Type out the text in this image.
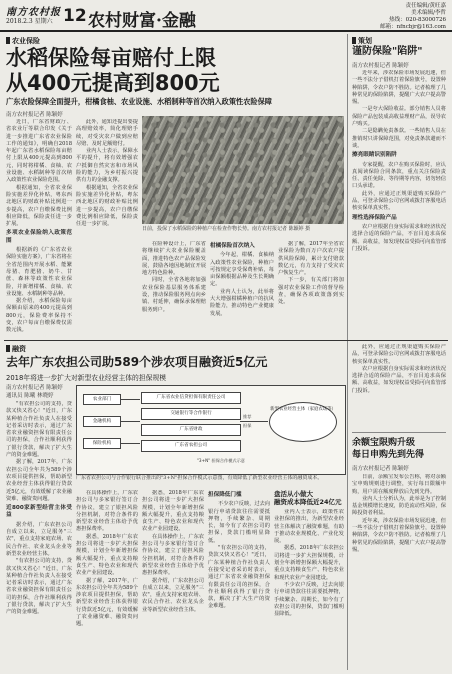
南方农村报
2018.2.3 星期六 12 农村财富·金融
责任编辑/黄旺嘉
美术编辑/李哲
热线：020-83000726
邮箱：nfncbjr@163.com
农业保险
水稻保险每亩赔付上限
从400元提高到800元
广东农险保障全面提升，柑橘食柚、农业设施、水稻制种等首次纳入政策性农险保障
南方农村报记者 陈颖婷

近日，广东省财政厅、省农业厅等联合印发《关于进一步推进广东省农业保险工作的通知》，明确自2018年起广东省水稻保险每亩赔付上限从400元提高到800元，同时将柑橘、食柚、农业设施、水稻制种等首次纳入政策性农业保险范围。

根据通知，全省农业保险实施差异化补贴，粤东西北地区的财政补贴比例进一步提高，农户自缴保费比例相应降低，保险责任进一步扩展。

多项农业保险纳入政策范围

根据新的《广东省农业保险实施方案》，广东省将在全省范围内开展水稻、能繁母猪、育肥猪、奶牛、甘蔗、森林等政策性农业保险，并新增柑橘、食柚、农业设施、水稻制种等品种。

据介绍，水稻保险每亩保额由原来的400元提高到800元，保险费率保持不变，农户每亩自缴保费仅需数元钱。

此外，通知还提出要提高理赔效率，简化理赔手续，对受灾农户做到应赔尽赔、及时足额赔付。

业内人士表示，保障水平的提升，将有效增强农户抵御自然灾害和市场风险的能力，为乡村振兴提供有力的金融支撑。

根据通知，全省农业保险实施差异化补贴，粤东西北地区的财政补贴比例进一步提高，农户自缴保费比例相应降低，保险责任进一步扩展。

日前，投保了水稻保险的种植户在检查作物长势。南方农村报记者 陈颖婷 摄

在险种设计上，广东省将继续扩大农业保险覆盖面，推进特色农产品保险发展，鼓励各地因地制宜开展地方特色险种。

同时，全省各地将加强农业保险基层服务体系建设，推动保险服务网点向乡镇、村延伸，确保承保理赔服务到户。

柑橘保险首次纳入

今年起，柑橘、食柚纳入政策性农业保险，种植户可按规定享受保费补贴，每亩保额根据品种及生长期确定。

业内人士认为，此举将大大增强柑橘种植户的抗风险能力，推动特色产业健康发展。

据了解，2017年全省农业保险为数百万户次农户提供风险保障，累计支付赔款数亿元，有力支持了受灾农户恢复生产。

下一步，有关部门将加强对农业保险工作的督导检查，确保各项政策落到实处。

策划
谨防保险"陷阱"
南方农村报记者 陈颖婷

近年来，涉农保险市场发展迅速，但一些不法分子借机打着保险旗号，设置种种陷阱，令农户防不胜防。记者梳理了几种常见的保险陷阱，提醒广大农户提高警惕。

一是夸大保险收益。部分销售人员将保险产品包装成高收益理财产品，误导农户购买。

二是隐瞒免责条款。一些销售人员在推销时只讲保障范围，对免责条款避而不谈。

擦亮眼睛识别陷阱

专家提醒，农户在购买保险时，应认真阅读保险合同条款，重点关注保险责任、责任免除、等待期等内容，切勿轻信口头承诺。

此外，应通过正规渠道购买保险产品，可登录保险公司官网或拨打客服电话核实保单真实性。

理性选择保险产品

农户应根据自身实际需求和经济状况选择合适的保险产品，不盲目追求高保额、高收益，如发现权益受损可向监管部门投诉。

融资
去年广东农担公司助589个涉农项目融资近5亿元
2018年将进一步扩大对新型农业经营主体的担保规模
南方农村报记者 陈颖婷
通讯员 陈曦 林晓婷

"有农担公司的支持，贷款又快又省心！"近日，广东某种植合作社负责人在接受记者采访时表示，通过广东省农业融资担保有限责任公司的担保，合作社顺利获得了银行贷款，解决了扩大生产的资金难题。

据了解，2017年，广东农担公司全年共为589个涉农项目提供担保，帮助新型农业经营主体获得银行贷款近5亿元，有效缓解了农业融资难、融资贵问题。

近800家新型经营主体受益

据介绍，广东农担公司自成立以来，立足服务"三农"，重点支持家庭农场、农民合作社、农业龙头企业等新型农业经营主体。

"有农担公司的支持，贷款又快又省心！"近日，广东某种植合作社负责人在接受记者采访时表示，通过广东省农业融资担保有限责任公司的担保，合作社顺利获得了银行贷款，解决了扩大生产的资金难题。

农业部门
金融机构
保险机构
广东省农业信贷担保有限责任公司
交通银行等合作银行
广东省财政
广东省农担公司
推荐
担保
新型农业经营主体（家庭农场等）
"3+N" 担保合作模式示意
广东省农担公司与合作银行联合推出的"3+N"担保合作模式示意图，有效降低了新型农业经营主体的融资成本。

在具体操作上，广东农担公司与多家银行签订合作协议，建立了银担风险分担机制，对符合条件的新型农业经营主体给予优惠担保费率。

据悉，2018年广东农担公司将进一步扩大担保规模，计划全年新增担保额大幅提升，重点支持粮食生产、特色农业和现代农业产业园建设。

据了解，2017年，广东农担公司全年共为589个涉农项目提供担保，帮助新型农业经营主体获得银行贷款近5亿元，有效缓解了农业融资难、融资贵问题。

据悉，2018年广东农担公司将进一步扩大担保规模，计划全年新增担保额大幅提升，重点支持粮食生产、特色农业和现代农业产业园建设。

在具体操作上，广东农担公司与多家银行签订合作协议，建立了银担风险分担机制，对符合条件的新型农业经营主体给予优惠担保费率。

据介绍，广东农担公司自成立以来，立足服务"三农"，重点支持家庭农场、农民合作社、农业龙头企业等新型农业经营主体。

担保降低门槛

不少农户反映，过去向银行申请贷款往往需要抵押物，手续繁杂、周期长，如今有了农担公司的担保，贷款门槛明显降低。

"有农担公司的支持，贷款又快又省心！"近日，广东某种植合作社负责人在接受记者采访时表示，通过广东省农业融资担保有限责任公司的担保，合作社顺利获得了银行贷款，解决了扩大生产的资金难题。

盘活从小做大
融资成本降低近24亿元

业内人士表示，政策性农业担保的推出，为新型农业经营主体解决了融资难题，有助于推动农业规模化、产业化发展。

据悉，2018年广东农担公司将进一步扩大担保规模，计划全年新增担保额大幅提升，重点支持粮食生产、特色农业和现代农业产业园建设。

不少农户反映，过去向银行申请贷款往往需要抵押物，手续繁杂、周期长，如今有了农担公司的担保，贷款门槛明显降低。

此外，应通过正规渠道购买保险产品，可登录保险公司官网或拨打客服电话核实保单真实性。

农户应根据自身实际需求和经济状况选择合适的保险产品，不盲目追求高保额、高收益，如发现权益受损可向监管部门投诉。

余额宝限购升级
每日申购先到先得
南方农村报记者 陈颖婷

日前，余额宝发布公告称，将对余额宝申购规则进行调整，实行每日限额申购，用户需在额度释放后先到先得。

业内人士分析认为，此举是为了控制基金规模增长速度，防范流动性风险，保障投资者利益。

近年来，涉农保险市场发展迅速，但一些不法分子借机打着保险旗号，设置种种陷阱，令农户防不胜防。记者梳理了几种常见的保险陷阱，提醒广大农户提高警惕。
